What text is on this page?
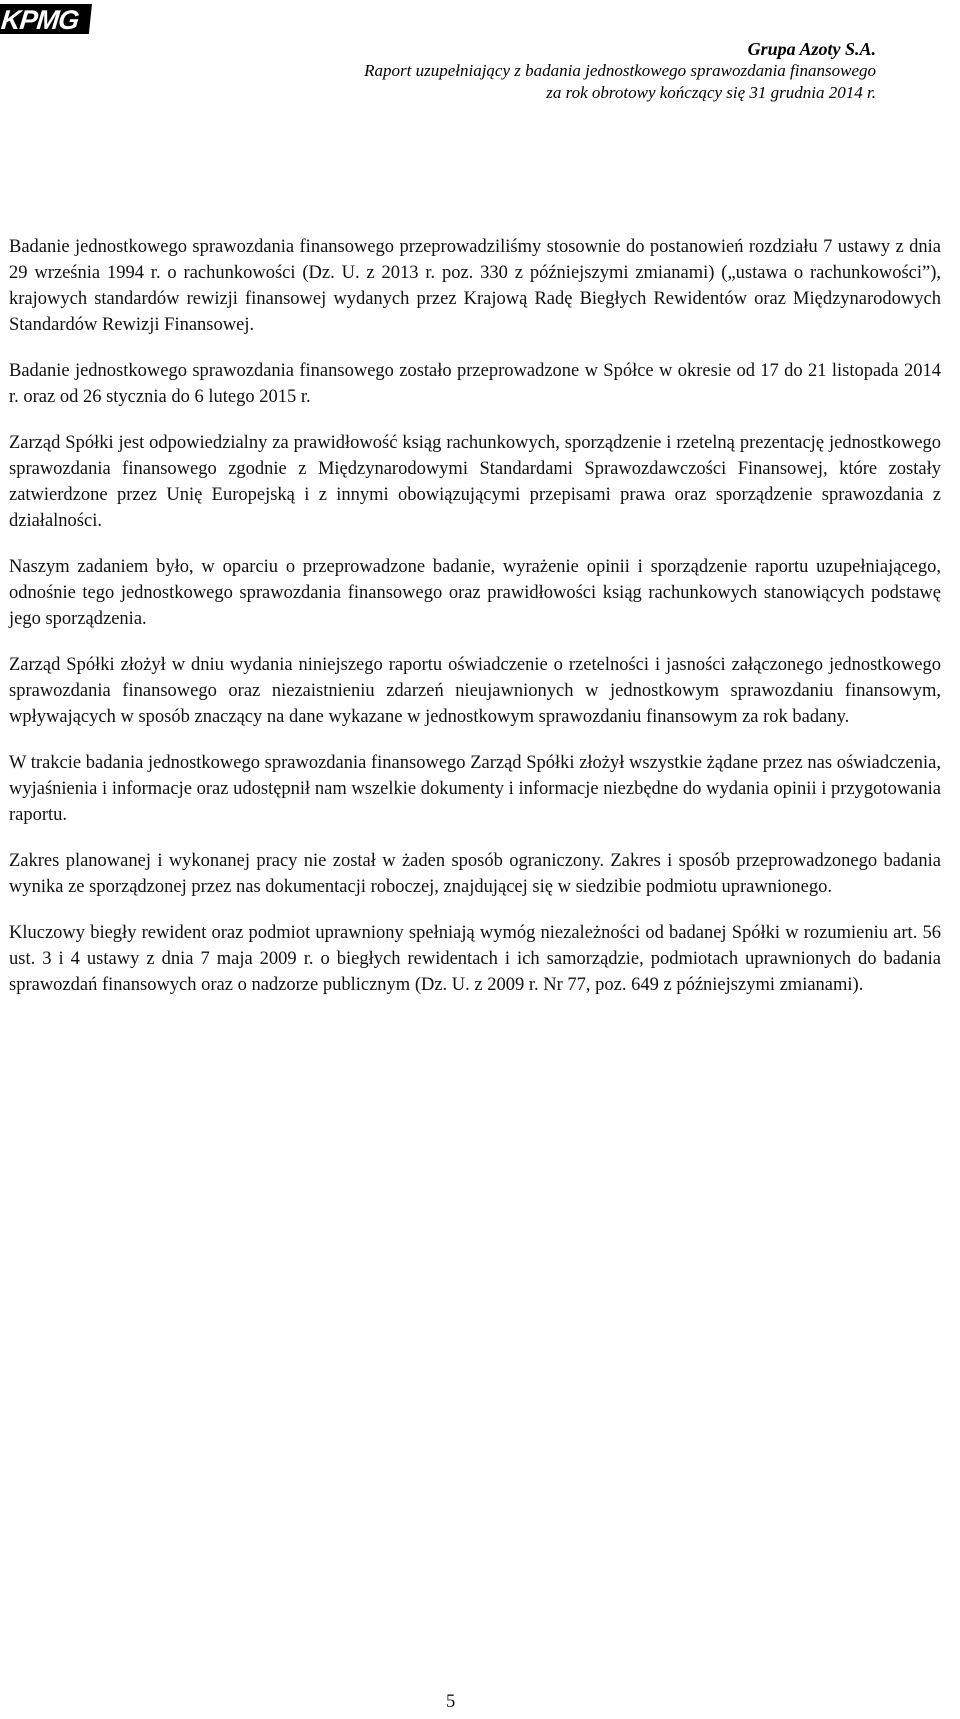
KPMG
Grupa Azoty S.A.
Raport uzupełniający z badania jednostkowego sprawozdania finansowego
za rok obrotowy kończący się 31 grudnia 2014 r.

Badanie jednostkowego sprawozdania finansowego przeprowadziliśmy stosownie do postanowień rozdziału 7 ustawy z dnia 29 września 1994 r. o rachunkowości (Dz. U. z 2013 r. poz. 330 z późniejszymi zmianami) („ustawa o rachunkowości”), krajowych standardów rewizji finansowej wydanych przez Krajową Radę Biegłych Rewidentów oraz Międzynarodowych Standardów Rewizji Finansowej.

Badanie jednostkowego sprawozdania finansowego zostało przeprowadzone w Spółce w okresie od 17 do 21 listopada 2014 r. oraz od 26 stycznia do 6 lutego 2015 r.

Zarząd Spółki jest odpowiedzialny za prawidłowość ksiąg rachunkowych, sporządzenie i rzetelną prezentację jednostkowego sprawozdania finansowego zgodnie z Międzynarodowymi Standardami Sprawozdawczości Finansowej, które zostały zatwierdzone przez Unię Europejską i z innymi obowiązującymi przepisami prawa oraz sporządzenie sprawozdania z działalności.

Naszym zadaniem było, w oparciu o przeprowadzone badanie, wyrażenie opinii i sporządzenie raportu uzupełniającego, odnośnie tego jednostkowego sprawozdania finansowego oraz prawidłowości ksiąg rachunkowych stanowiących podstawę jego sporządzenia.

Zarząd Spółki złożył w dniu wydania niniejszego raportu oświadczenie o rzetelności i jasności załączonego jednostkowego sprawozdania finansowego oraz niezaistnieniu zdarzeń nieujawnionych w jednostkowym sprawozdaniu finansowym, wpływających w sposób znaczący na dane wykazane w jednostkowym sprawozdaniu finansowym za rok badany.

W trakcie badania jednostkowego sprawozdania finansowego Zarząd Spółki złożył wszystkie żądane przez nas oświadczenia, wyjaśnienia i informacje oraz udostępnił nam wszelkie dokumenty i informacje niezbędne do wydania opinii i przygotowania raportu.

Zakres planowanej i wykonanej pracy nie został w żaden sposób ograniczony. Zakres i sposób przeprowadzonego badania wynika ze sporządzonej przez nas dokumentacji roboczej, znajdującej się w siedzibie podmiotu uprawnionego.

Kluczowy biegły rewident oraz podmiot uprawniony spełniają wymóg niezależności od badanej Spółki w rozumieniu art. 56 ust. 3 i 4 ustawy z dnia 7 maja 2009 r. o biegłych rewidentach i ich samorządzie, podmiotach uprawnionych do badania sprawozdań finansowych oraz o nadzorze publicznym (Dz. U. z 2009 r. Nr 77, poz. 649 z późniejszymi zmianami).

5
